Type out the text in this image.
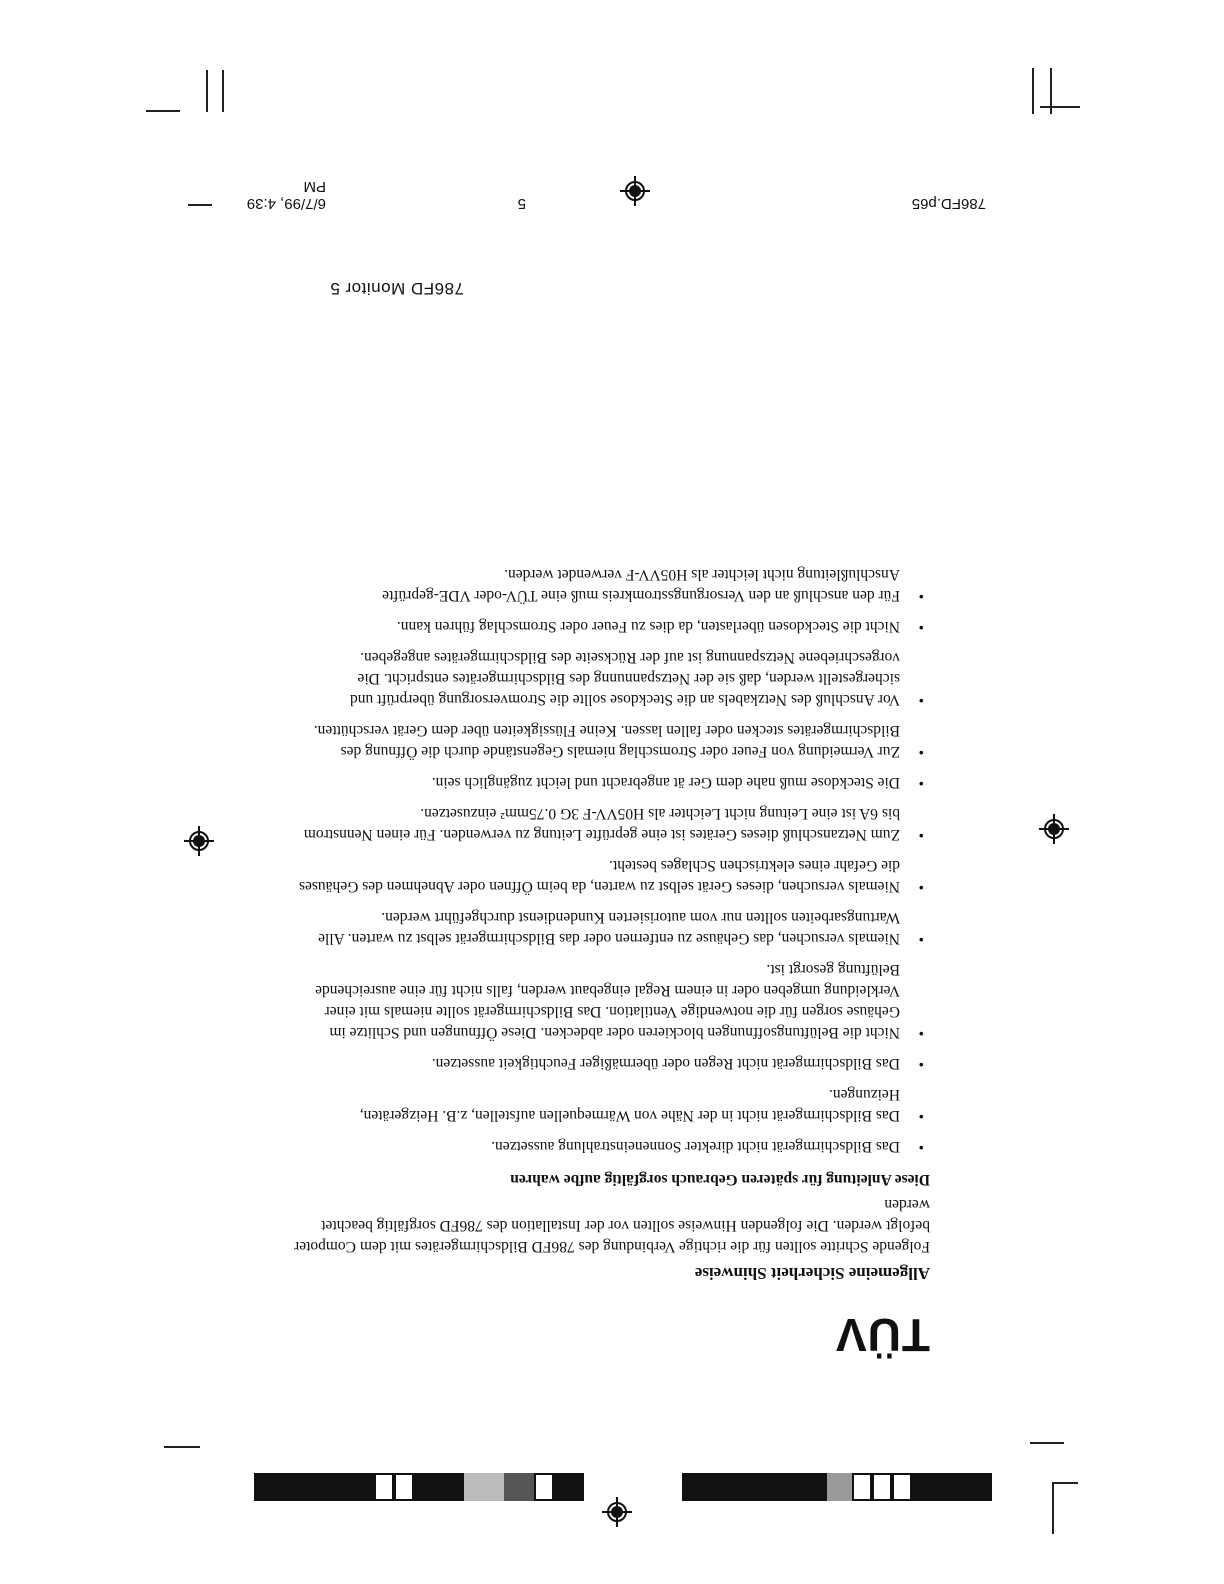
786FD Monitor 5
786FD.p65
5
6/7/99, 4:39 PM
TÜV
Allgemeine Sicherheit Shinweise
Folgende Schritte sollten für die richtige Verbindung des 786FD Bildschirmgerätes mit dem Compoter befolgt werden. Die folgenden Hinweise sollten vor der Installation des 786FD sorgfältig beachtet werden
Diese Anleitung für späteren Gebrauch sorgfältig aufbe wahren
• Das Bildschirmgerät nicht direkter Sonneneinstrahlung aussetzen.
• Das Bildschirmgerät nicht in der Nähe von Wärmequellen aufstellen, z.B. Heizgeräten, Heizungen.
• Das Bildschirmgerät nicht Regen oder übermäßiger Feuchtigkeit aussetzen.
• Nicht die Belüftungsoffnungen blockieren oder abdecken. Diese Öffnungen und Schlitze im Gehäuse sorgen für die notwendige Ventilation. Das Bildschirmgerät sollte niemals mit einer Verkleidung umgeben oder in einem Regal eingebaut werden, falls nicht für eine ausreichende Belüftung gesorgt ist.
• Niemals versuchen, das Gehäuse zu entfernen oder das Bildschirmgerät selbst zu warten. Alle Wartungsarbeiten sollten nur vom autorisierten Kundendienst durchgeführt werden.
• Niemals versuchen, dieses Gerät selbst zu warten, da beim Öffnen oder Abnehmen des Gehäuses die Gefahr eines elektrischen Schlages besteht.
• Zum Netzanschluß dieses Gerätes ist eine geprüfte Leitung zu verwenden. Für einen Nennstrom bis 6A ist eine Leitung nicht Leichter als H05VV-F 3G 0.75mm² einzusetzen.
• Die Steckdose muß nahe dem Ger ät angebracht und leicht zugänglich sein.
• Zur Vermeidung von Feuer oder Stromschlag niemals Gegenstände durch die Öffnung des Bildschirmgerätes stecken oder fallen lassen. Keine Flüssigkeiten über dem Gerät verschütten.
• Vor Anschluß des Netzkabels an die Steckdose sollte die Stromversorgung überprüft und sichergestellt werden, daß sie der Netzspannunng des Bildschirmgerätes entspricht. Die vorgeschriebene Netzspannung ist auf der Rückseite des Bildschirmgerätes angegeben.
• Nicht die Steckdosen überlasten, da dies zu Feuer oder Stromschlag führen kann.
• Für den anschluß an den Versorgungsstromkreis muß eine TÜV-oder VDE-geprüfte Anschlußleitung nicht leichter als H05VV-F verwendet werden.
